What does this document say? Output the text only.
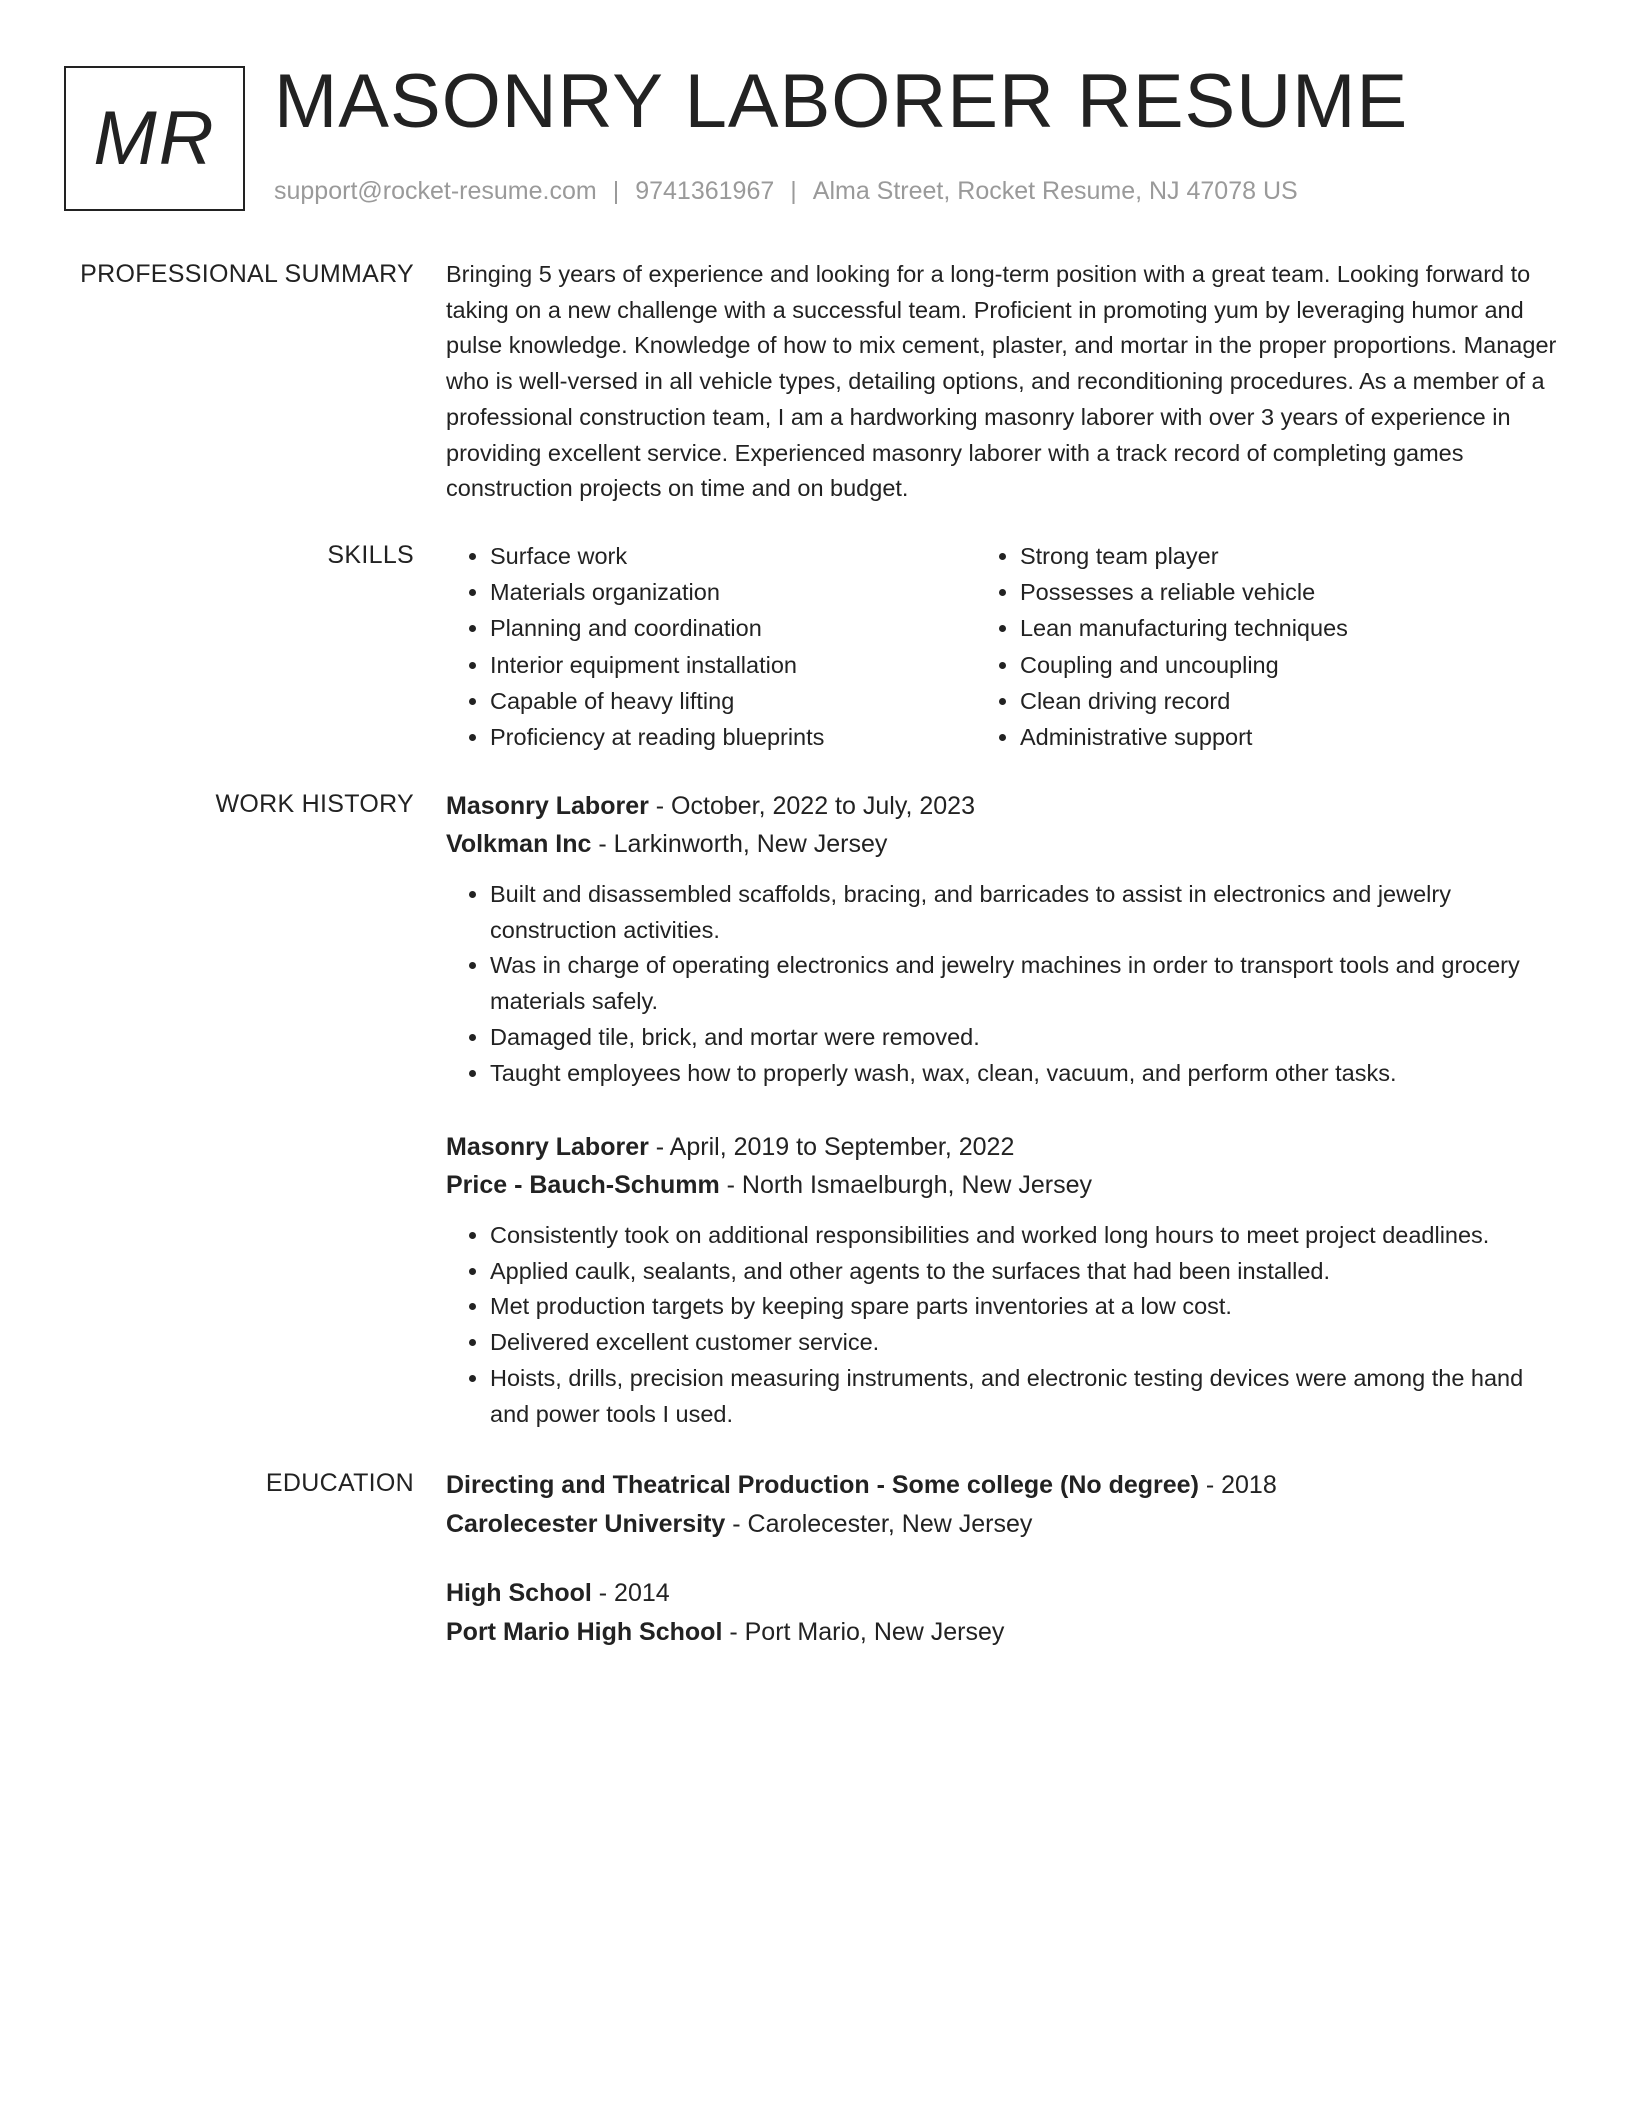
MR MASONRY LABORER RESUME
support@rocket-resume.com | 9741361967 | Alma Street, Rocket Resume, NJ 47078 US
PROFESSIONAL SUMMARY Bringing 5 years of experience and looking for a long-term position with a great team. Looking forward to taking on a new challenge with a successful team. Proficient in promoting yum by leveraging humor and pulse knowledge. Knowledge of how to mix cement, plaster, and mortar in the proper proportions. Manager who is well-versed in all vehicle types, detailing options, and reconditioning procedures. As a member of a professional construction team, I am a hardworking masonry laborer with over 3 years of experience in providing excellent service. Experienced masonry laborer with a track record of completing games construction projects on time and on budget.

SKILLS
•	Surface work
• Materials organization
• Planning and coordination
• Interior equipment installation
• Capable of heavy lifting
• Proficiency at reading blueprints
• Strong team player
• Possesses a reliable vehicle
• Lean manufacturing techniques
• Coupling and uncoupling
• Clean driving record
• Administrative support
WORK HISTORY Masonry Laborer - October, 2022 to July, 2023
Volkman Inc - Larkinworth, New Jersey
• Built and disassembled scaffolds, bracing, and barricades to assist in electronics and jewelry construction activities.
• Was in charge of operating electronics and jewelry machines in order to transport tools and grocery materials safely.
• Damaged tile, brick, and mortar were removed.
• Taught employees how to properly wash, wax, clean, vacuum, and perform other tasks.
Masonry Laborer - April, 2019 to September, 2022
Price - Bauch-Schumm - North Ismaelburgh, New Jersey
• Consistently took on additional responsibilities and worked long hours to meet project deadlines.
• Applied caulk, sealants, and other agents to the surfaces that had been installed.
• Met production targets by keeping spare parts inventories at a low cost.
• Delivered excellent customer service.
• Hoists, drills, precision measuring instruments, and electronic testing devices were among the hand and power tools I used.
EDUCATION Directing and Theatrical Production - Some college (No degree) - 2018
Carolecester University - Carolecester, New Jersey
High School - 2014
Port Mario High School - Port Mario, New Jersey
